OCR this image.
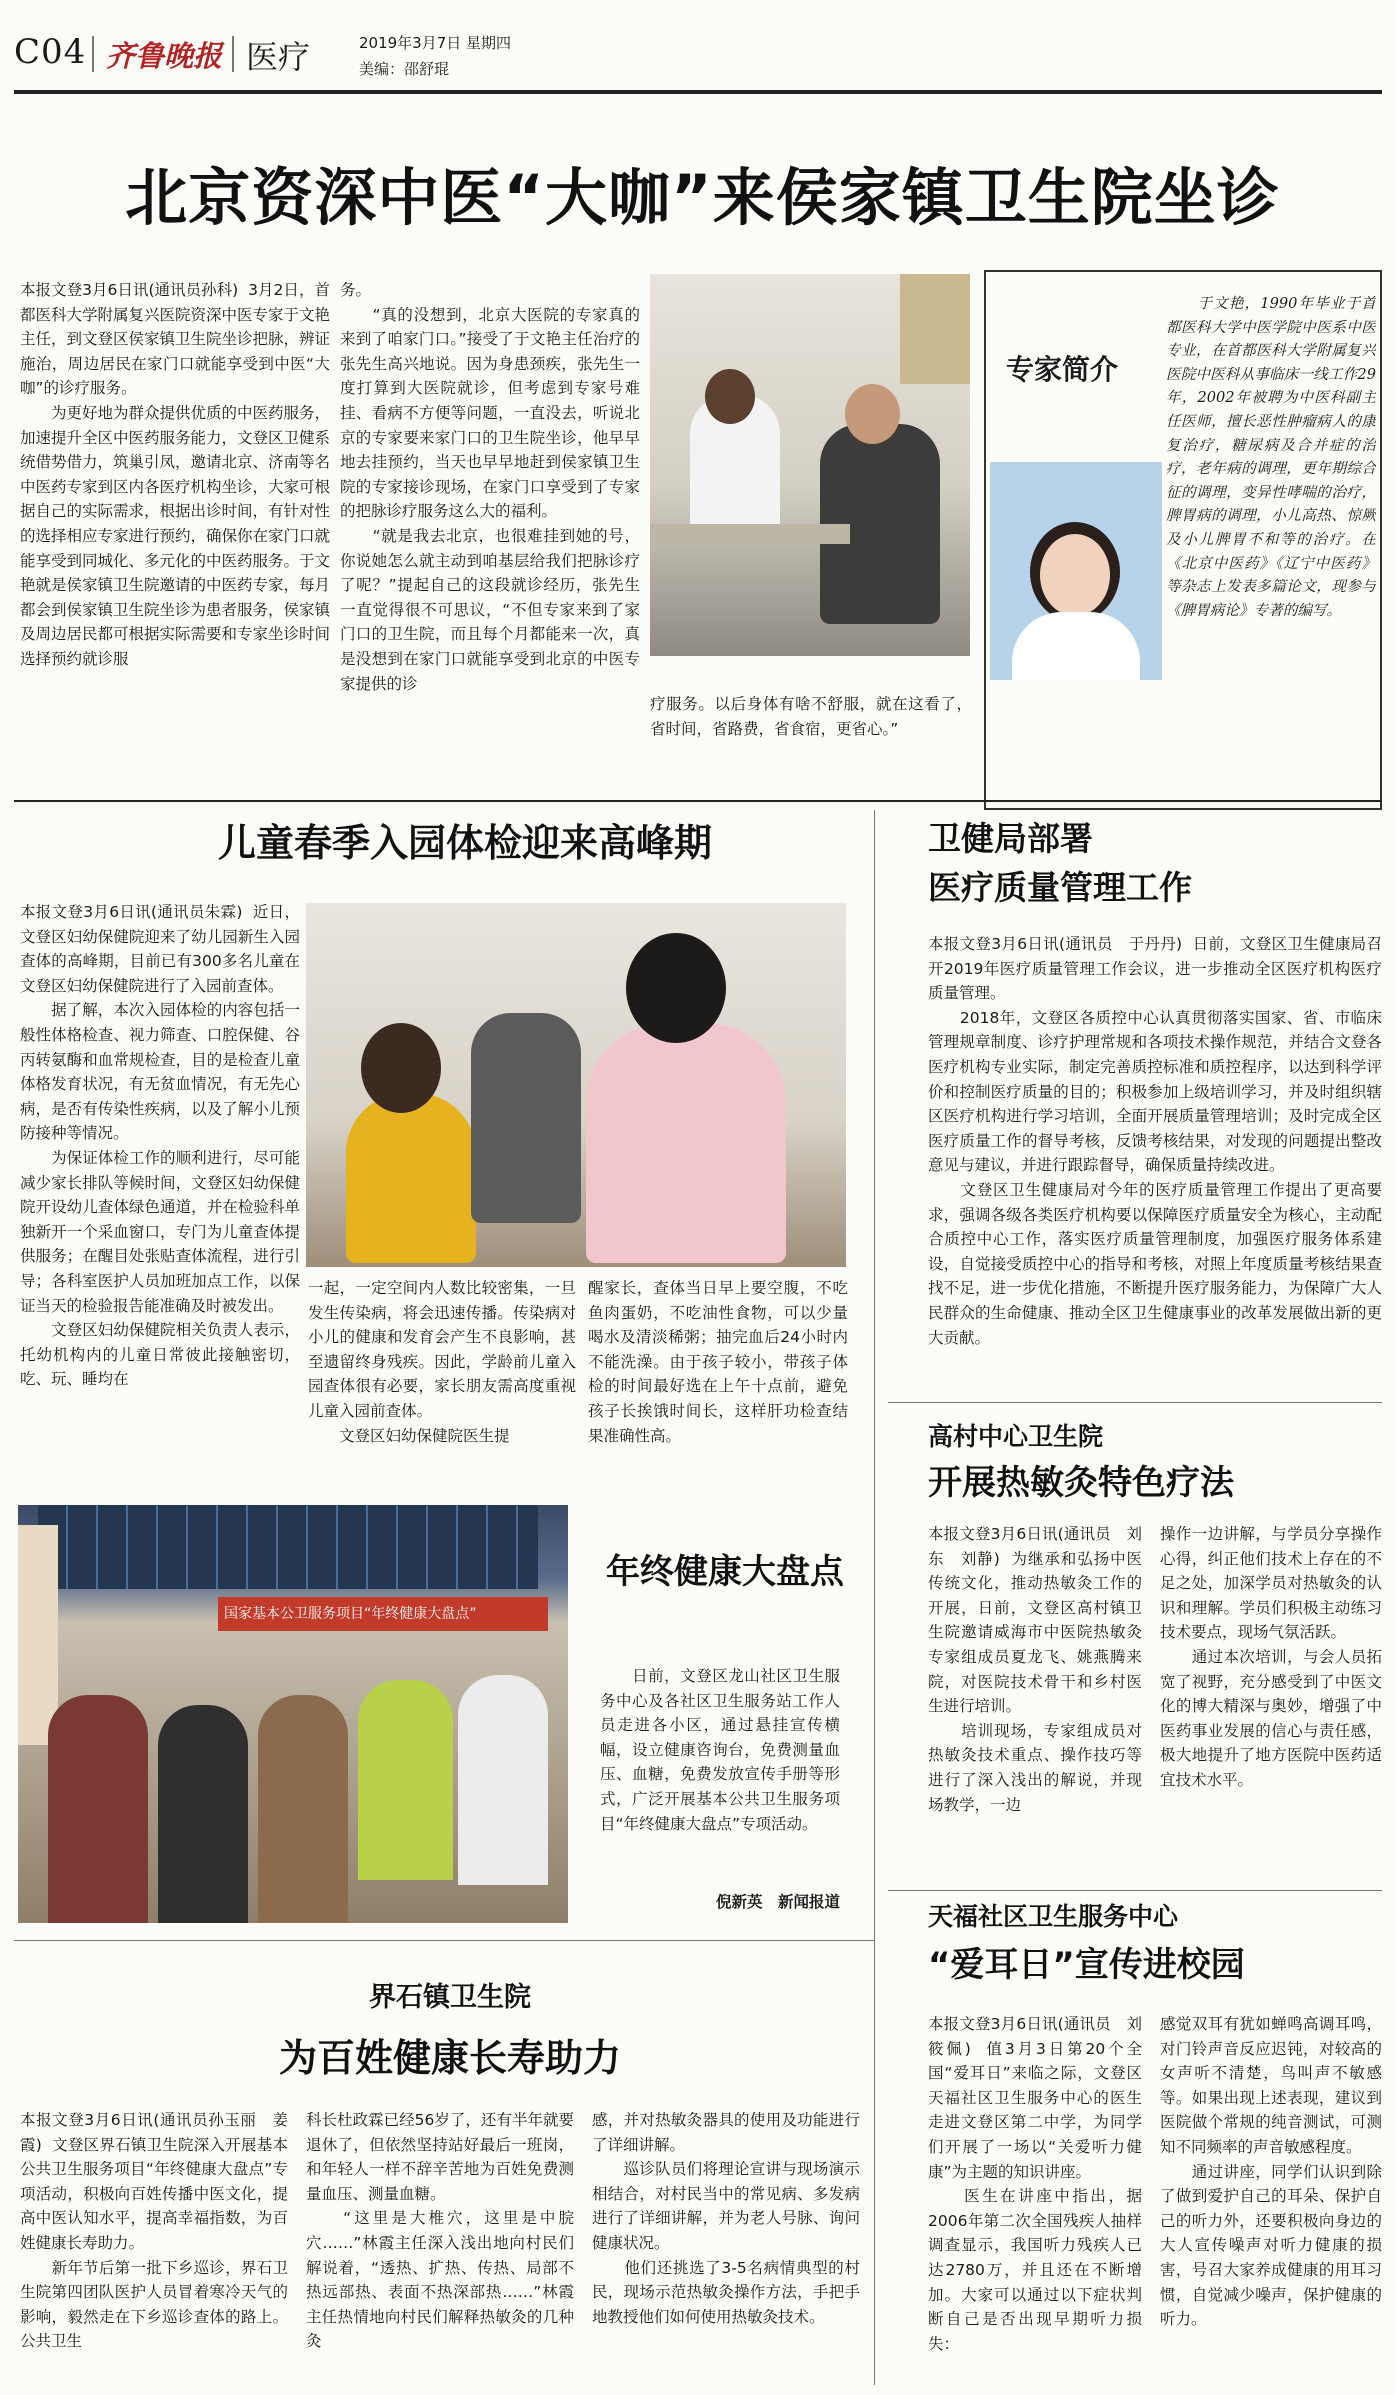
C04 齐鲁晚报 医疗	2019年3月7日 星期四
美编：邵舒琨
北京资深中医“大咖”来侯家镇卫生院坐诊

本报文登3月6日讯(通讯员孙科)  3月2日，首都医科大学附属复兴医院资深中医专家于文艳主任，到文登区侯家镇卫生院坐诊把脉，辨证施治，周边居民在家门口就能享受到中医“大咖”的诊疗服务。
　　为更好地为群众提供优质的中医药服务，加速提升全区中医药服务能力，文登区卫健系统借势借力，筑巢引凤，邀请北京、济南等名中医药专家到区内各医疗机构坐诊，大家可根据自己的实际需求，根据出诊时间，有针对性的选择相应专家进行预约，确保你在家门口就能享受到同城化、多元化的中医药服务。于文艳就是侯家镇卫生院邀请的中医药专家，每月都会到侯家镇卫生院坐诊为患者服务，侯家镇及周边居民都可根据实际需要和专家坐诊时间选择预约就诊服

务。
　　“真的没想到，北京大医院的专家真的来到了咱家门口。”接受了于文艳主任治疗的张先生高兴地说。因为身患颈疾，张先生一度打算到大医院就诊，但考虑到专家号难挂、看病不方便等问题，一直没去，听说北京的专家要来家门口的卫生院坐诊，他早早地去挂预约，当天也早早地赶到侯家镇卫生院的专家接诊现场，在家门口享受到了专家的把脉诊疗服务这么大的福利。
　　“就是我去北京，也很难挂到她的号，你说她怎么就主动到咱基层给我们把脉诊疗了呢？”提起自己的这段就诊经历，张先生一直觉得很不可思议，“不但专家来到了家门口的卫生院，而且每个月都能来一次，真是没想到在家门口就能享受到北京的中医专家提供的诊

疗服务。以后身体有啥不舒服，就在这看了，省时间，省路费，省食宿，更省心。”

专家简介

　　于文艳，1990年毕业于首都医科大学中医学院中医系中医专业，在首都医科大学附属复兴医院中医科从事临床一线工作29年，2002年被聘为中医科副主任医师，擅长恶性肿瘤病人的康复治疗，糖尿病及合并症的治疗，老年病的调理，更年期综合征的调理，变异性哮喘的治疗，脾胃病的调理，小儿高热、惊厥及小儿脾胃不和等的治疗。在《北京中医药》《辽宁中医药》等杂志上发表多篇论文，现参与《脾胃病论》专著的编写。

儿童春季入园体检迎来高峰期

本报文登3月6日讯(通讯员朱霖)  近日，文登区妇幼保健院迎来了幼儿园新生入园查体的高峰期，目前已有300多名儿童在文登区妇幼保健院进行了入园前查体。
　　据了解，本次入园体检的内容包括一般性体格检查、视力筛查、口腔保健、谷丙转氨酶和血常规检查，目的是检查儿童体格发育状况，有无贫血情况，有无先心病，是否有传染性疾病，以及了解小儿预防接种等情况。
　　为保证体检工作的顺利进行，尽可能减少家长排队等候时间，文登区妇幼保健院开设幼儿查体绿色通道，并在检验科单独新开一个采血窗口，专门为儿童查体提供服务；在醒目处张贴查体流程，进行引导；各科室医护人员加班加点工作，以保证当天的检验报告能准确及时被发出。
　　文登区妇幼保健院相关负责人表示，托幼机构内的儿童日常彼此接触密切，吃、玩、睡均在

一起，一定空间内人数比较密集，一旦发生传染病，将会迅速传播。传染病对小儿的健康和发育会产生不良影响，甚至遗留终身残疾。因此，学龄前儿童入园查体很有必要，家长朋友需高度重视儿童入园前查体。
　　文登区妇幼保健院医生提

醒家长，查体当日早上要空腹，不吃鱼肉蛋奶，不吃油性食物，可以少量喝水及清淡稀粥；抽完血后24小时内不能洗澡。由于孩子较小，带孩子体检的时间最好选在上午十点前，避免孩子长挨饿时间长，这样肝功检查结果准确性高。

卫健局部署
医疗质量管理工作

本报文登3月6日讯(通讯员　于丹丹)  日前，文登区卫生健康局召开2019年医疗质量管理工作会议，进一步推动全区医疗机构医疗质量管理。
　　2018年，文登区各质控中心认真贯彻落实国家、省、市临床管理规章制度、诊疗护理常规和各项技术操作规范，并结合文登各医疗机构专业实际，制定完善质控标准和质控程序，以达到科学评价和控制医疗质量的目的；积极参加上级培训学习，并及时组织辖区医疗机构进行学习培训，全面开展质量管理培训；及时完成全区医疗质量工作的督导考核，反馈考核结果，对发现的问题提出整改意见与建议，并进行跟踪督导，确保质量持续改进。
　　文登区卫生健康局对今年的医疗质量管理工作提出了更高要求，强调各级各类医疗机构要以保障医疗质量安全为核心，主动配合质控中心工作，落实医疗质量管理制度，加强医疗服务体系建设，自觉接受质控中心的指导和考核，对照上年度质量考核结果查找不足，进一步优化措施，不断提升医疗服务能力，为保障广大人民群众的生命健康、推动全区卫生健康事业的改革发展做出新的更大贡献。

国家基本公卫服务项目“年终健康大盘点”
年终健康大盘点

　　日前，文登区龙山社区卫生服务中心及各社区卫生服务站工作人员走进各小区，通过悬挂宣传横幅，设立健康咨询台，免费测量血压、血糖，免费发放宣传手册等形式，广泛开展基本公共卫生服务项目“年终健康大盘点”专项活动。

倪新英　新闻报道
高村中心卫生院
开展热敏灸特色疗法

本报文登3月6日讯(通讯员　刘东　刘静)  为继承和弘扬中医传统文化，推动热敏灸工作的开展，日前，文登区高村镇卫生院邀请威海市中医院热敏灸专家组成员夏龙飞、姚燕腾来院，对医院技术骨干和乡村医生进行培训。
　　培训现场，专家组成员对热敏灸技术重点、操作技巧等进行了深入浅出的解说，并现场教学，一边

操作一边讲解，与学员分享操作心得，纠正他们技术上存在的不足之处，加深学员对热敏灸的认识和理解。学员们积极主动练习技术要点，现场气氛活跃。
　　通过本次培训，与会人员拓宽了视野，充分感受到了中医文化的博大精深与奥妙，增强了中医药事业发展的信心与责任感，极大地提升了地方医院中医药适宜技术水平。

界石镇卫生院
为百姓健康长寿助力

本报文登3月6日讯(通讯员孙玉丽　姜霞)  文登区界石镇卫生院深入开展基本公共卫生服务项目“年终健康大盘点”专项活动，积极向百姓传播中医文化，提高中医认知水平，提高幸福指数，为百姓健康长寿助力。
　　新年节后第一批下乡巡诊，界石卫生院第四团队医护人员冒着寒冷天气的影响，毅然走在下乡巡诊查体的路上。公共卫生

科长杜政霖已经56岁了，还有半年就要退休了，但依然坚持站好最后一班岗，和年轻人一样不辞辛苦地为百姓免费测量血压、测量血糖。
　　“这里是大椎穴，这里是中脘穴……”林霞主任深入浅出地向村民们解说着，“透热、扩热、传热、局部不热远部热、表面不热深部热……”林霞主任热情地向村民们解释热敏灸的几种灸

感，并对热敏灸器具的使用及功能进行了详细讲解。
　　巡诊队员们将理论宣讲与现场演示相结合，对村民当中的常见病、多发病进行了详细讲解，并为老人号脉、询问健康状况。
　　他们还挑选了3-5名病情典型的村民，现场示范热敏灸操作方法，手把手地教授他们如何使用热敏灸技术。

天福社区卫生服务中心
“爱耳日”宣传进校园

本报文登3月6日讯(通讯员　刘筱佩)  值3月3日第20个全国“爱耳日”来临之际，文登区天福社区卫生服务中心的医生走进文登区第二中学，为同学们开展了一场以“关爱听力健康”为主题的知识讲座。
　　医生在讲座中指出，据2006年第二次全国残疾人抽样调查显示，我国听力残疾人已达2780万，并且还在不断增加。大家可以通过以下症状判断自己是否出现早期听力损失：

感觉双耳有犹如蝉鸣高调耳鸣，对门铃声音反应迟钝，对较高的女声听不清楚，鸟叫声不敏感等。如果出现上述表现，建议到医院做个常规的纯音测试，可测知不同频率的声音敏感程度。
　　通过讲座，同学们认识到除了做到爱护自己的耳朵、保护自己的听力外，还要积极向身边的大人宣传噪声对听力健康的损害，号召大家养成健康的用耳习惯，自觉减少噪声，保护健康的听力。
